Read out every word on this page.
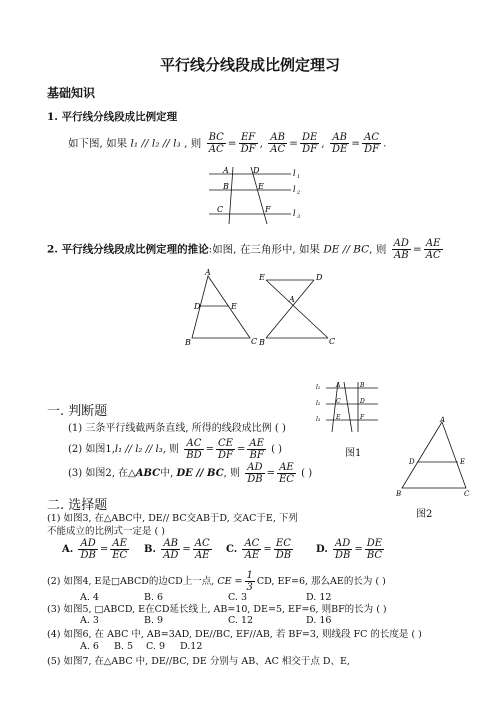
平行线分线段成比例定理习
基础知识
1. 平行线分线段成比例定理
如下图, 如果 l₁ // l₂ // l₃ , 则 $\frac{BC}{AC} = \frac{EF}{DF}$ , $\frac{AB}{AC} = \frac{DE}{DF}$ , $\frac{AB}{DE} = \frac{AC}{DF}$ .
A
B
C
D
E
F
l 1
l 2
l 3
2. 平行线分线段成比例定理的推论:如图, 在三角形中, 如果 DE // BC, 则 $\frac{AD}{AB} = \frac{AE}{AC}$
A
D	E
B	C
E	D
B	C
A
l₁
l₂
l₃
A
C
E
B
D
F
图1
A
D	E
B	C
图2
一. 判断题
(1) 三条平行线截两条直线, 所得的线段成比例 ( )
(2) 如图1,l₁ // l₂ // l₃, 则 $\frac{AC}{BD} = \frac{CE}{DF} = \frac{AE}{BF}$ ( )
(3) 如图2, 在△ABC中, DE // BC, 则 $\frac{AD}{DB} = \frac{AE}{EC}$ ( )
二. 选择题
(1) 如图3, 在△ABC中, DE// BC交AB于D, 交AC于E, 下列
不能成立的比例式一定是 ( )
A. $\frac{AD}{DB} = \frac{AE}{EC} B$. $\frac{AB}{AD} = \frac{AC}{AE} C$. $\frac{AC}{AE} = \frac{EC}{DB} D$. $\frac{AD}{DB} = \frac{DE}{BC}$
(2) 如图4, E是□ABCD的边CD上一点, CE = $\frac{1}{3}$ CD, EF=6, 那么AE的长为 ( )
A. 4	B. 6	C. 3	D. 12
(3) 如图5, □ABCD, E在CD延长线上, AB=10, DE=5, EF=6, 则BF的长为 ( )
A. 3	B. 9	C. 12	D. 16
(4) 如图6, 在 ABC 中, AB=3AD, DE//BC, EF//AB, 若 BF=3, 则线段 FC 的长度是 ( )
A. 6 B. 5 C. 9 D.12
(5) 如图7, 在△ABC 中, DE//BC, DE 分别与 AB、AC 相交于点 D、E,
